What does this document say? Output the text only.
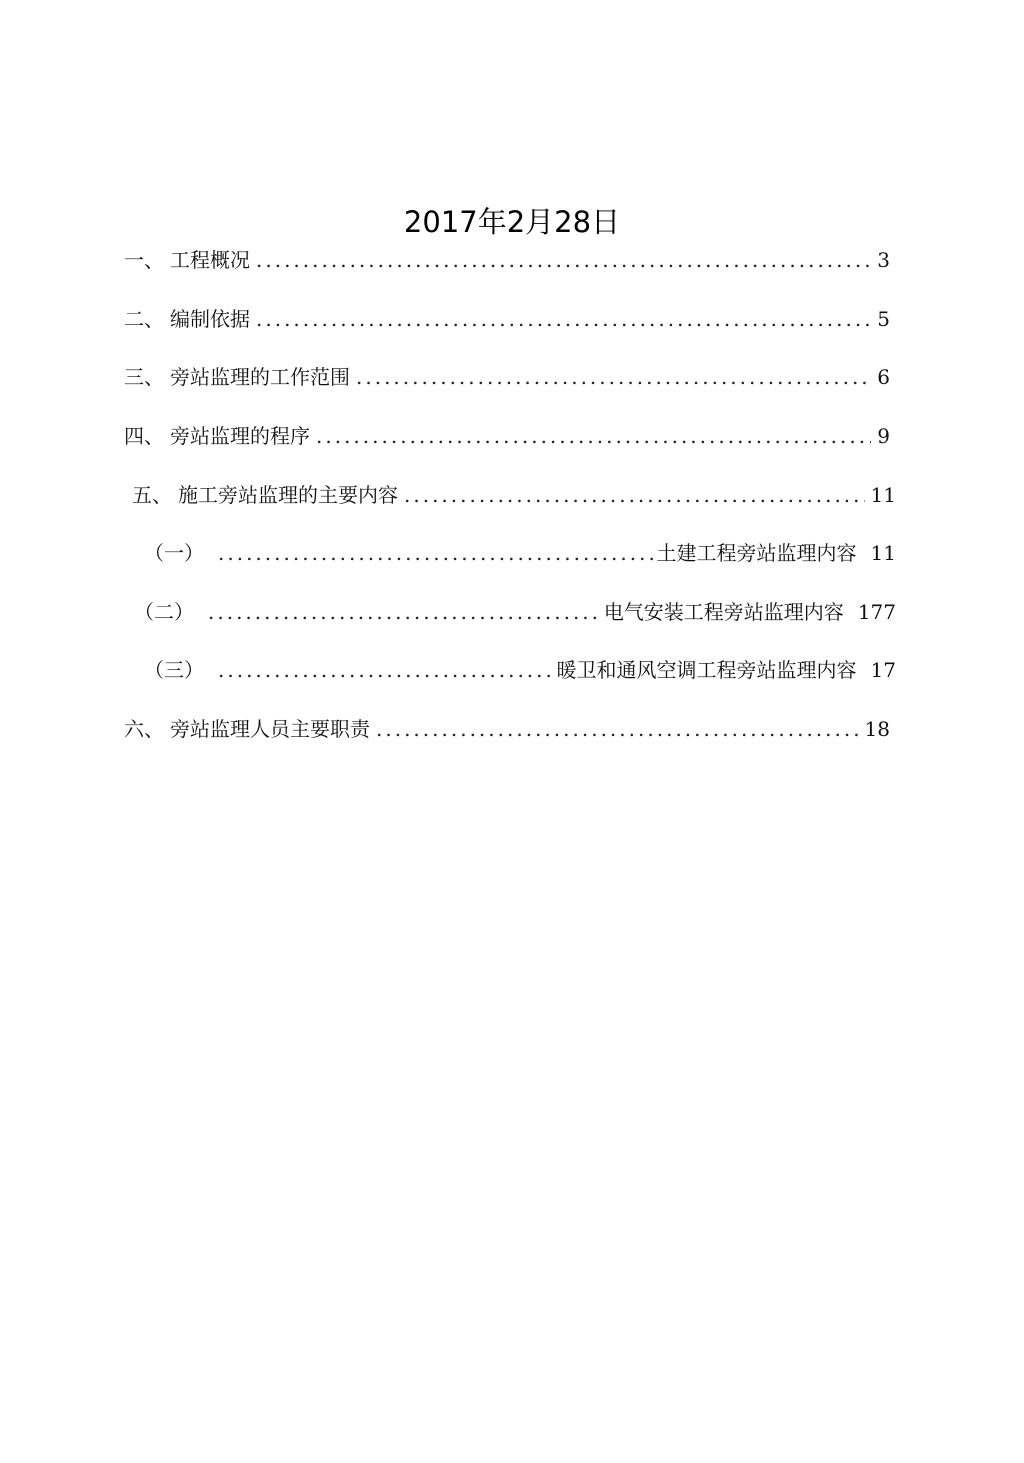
2017年2月28日
一、 工程概况 .....	3
二、 编制依据 .....	5
三、 旁站监理的工作范围 .....	6
四、 旁站监理的程序 .....	9
五、 施工旁站监理的主要内容 .....	11
（一） .....	土建工程旁站监理内容 11
（二） .....	电气安装工程旁站监理内容 177
（三） .....	暖卫和通风空调工程旁站监理内容 17
六、 旁站监理人员主要职责 .....	18
